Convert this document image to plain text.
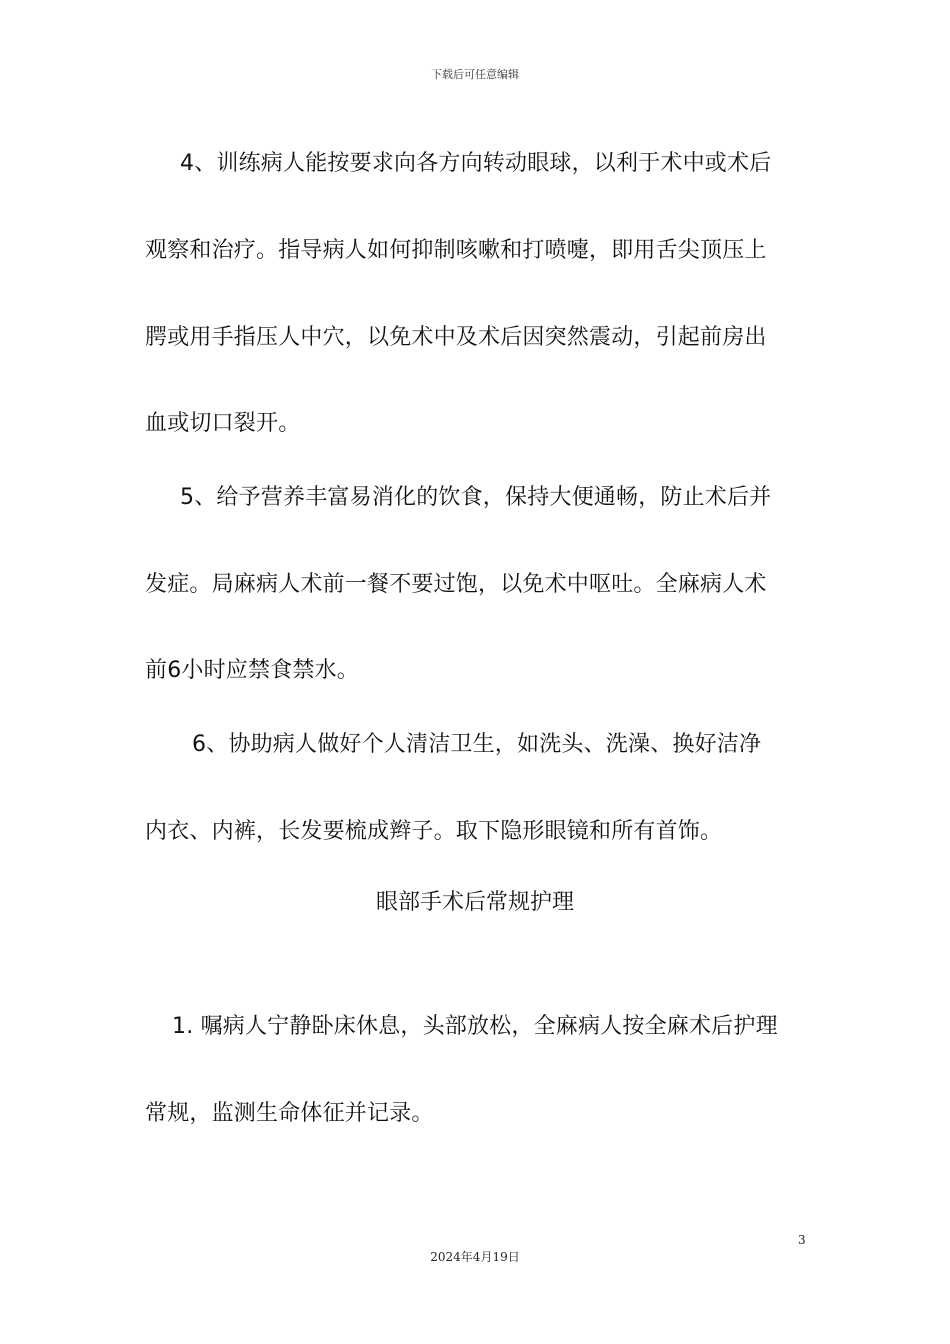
下载后可任意编辑
4、训练病人能按要求向各方向转动眼球，以利于术中或术后
观察和治疗。指导病人如何抑制咳嗽和打喷嚏，即用舌尖顶压上
腭或用手指压人中穴，以免术中及术后因突然震动，引起前房出
血或切口裂开。
5、给予营养丰富易消化的饮食，保持大便通畅，防止术后并
发症。局麻病人术前一餐不要过饱，以免术中呕吐。全麻病人术
前6小时应禁食禁水。
6、协助病人做好个人清洁卫生，如洗头、洗澡、换好洁净
内衣、内裤，长发要梳成辫子。取下隐形眼镜和所有首饰。
眼部手术后常规护理
1. 嘱病人宁静卧床休息，头部放松，全麻病人按全麻术后护理
常规，监测生命体征并记录。
3
2024年4月19日
